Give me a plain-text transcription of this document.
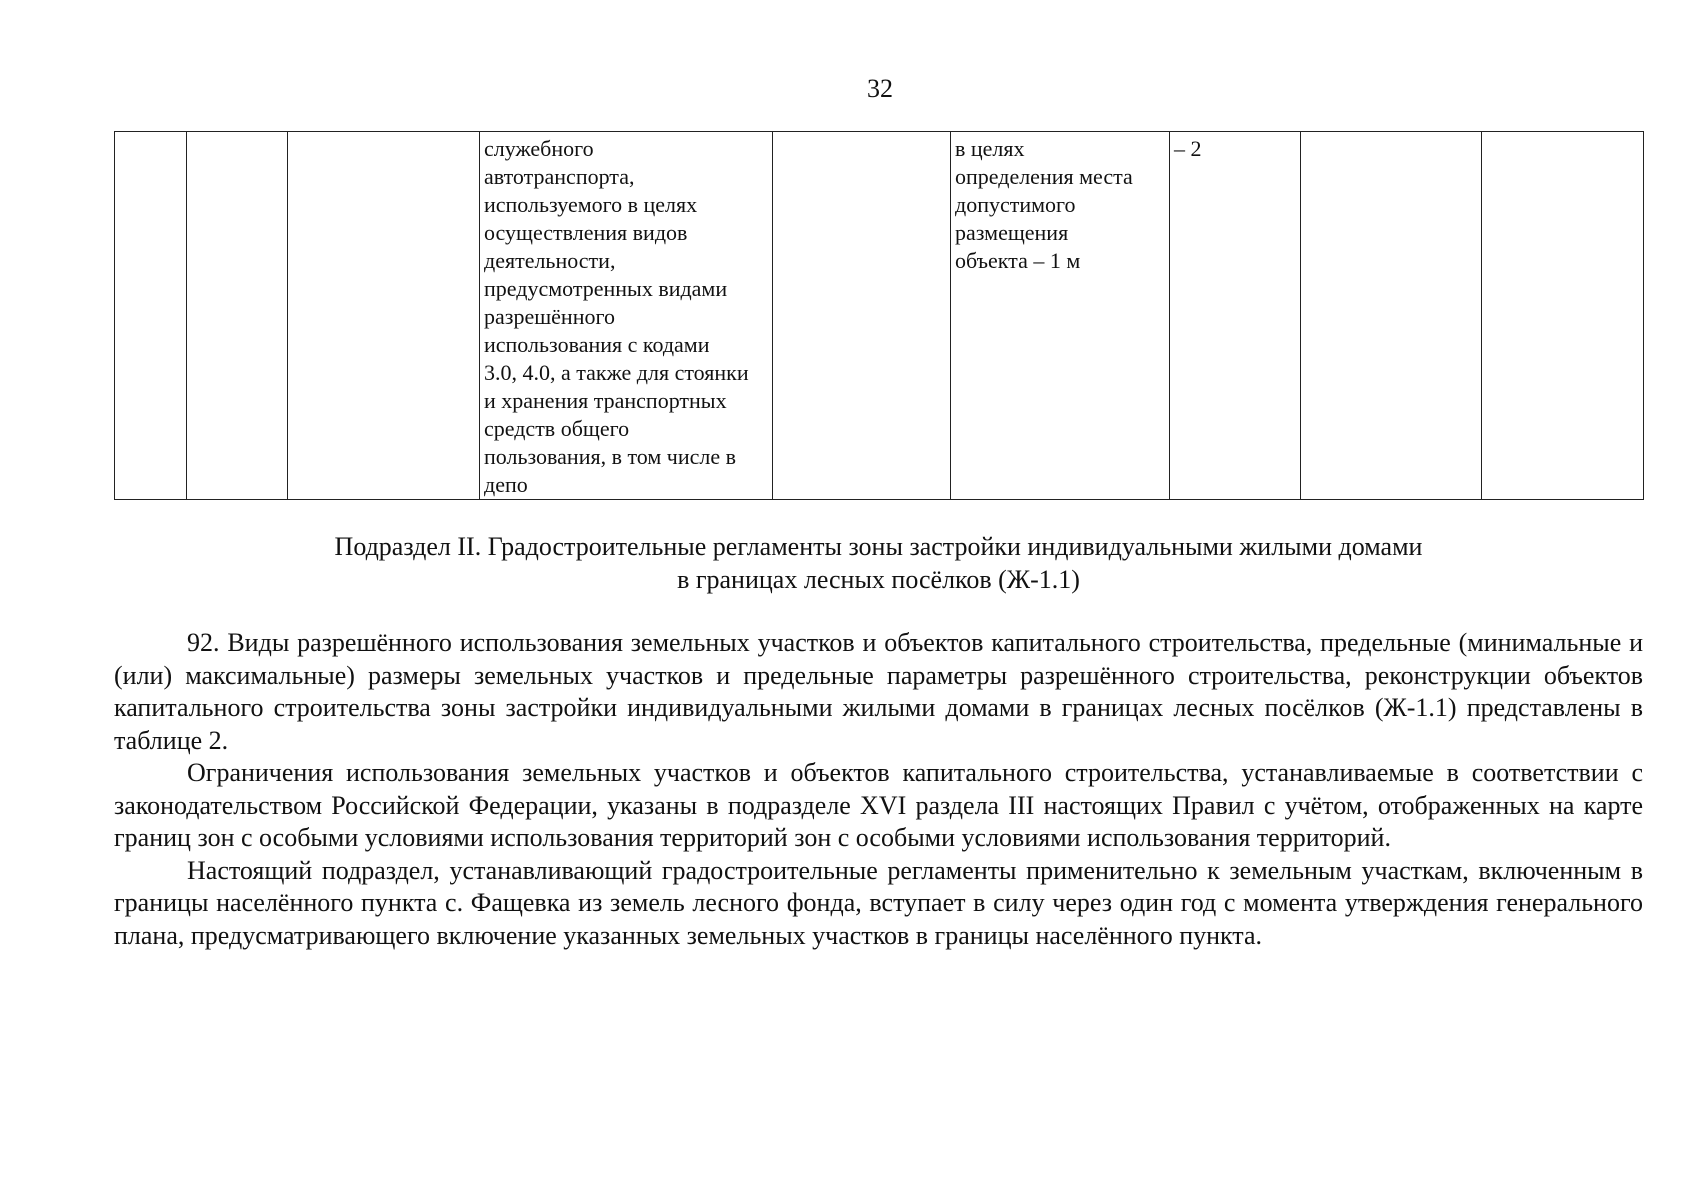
32
			служебного
автотранспорта,
используемого в целях
осуществления видов
деятельности,
предусмотренных видами
разрешённого
использования с кодами
3.0, 4.0, а также для стоянки
и хранения транспортных
средств общего
пользования, в том числе в
депо		в целях
определения места
допустимого
размещения
объекта – 1 м	– 2		
Подраздел II. Градостроительные регламенты зоны застройки индивидуальными жилыми домами
в границах лесных посёлков (Ж-1.1)

92. Виды разрешённого использования земельных участков и объектов капитального строительства, предельные (минимальные и (или) максимальные) размеры земельных участков и предельные параметры разрешённого строительства, реконструкции объектов капитального строительства зоны застройки индивидуальными жилыми домами в границах лесных посёлков (Ж-1.1) представлены в таблице 2.

Ограничения использования земельных участков и объектов капитального строительства, устанавливаемые в соответствии с законодательством Российской Федерации, указаны в подразделе XVI раздела III настоящих Правил с учётом, отображенных на карте границ зон с особыми условиями использования территорий зон с особыми условиями использования территорий.

Настоящий подраздел, устанавливающий градостроительные регламенты применительно к земельным участкам, включенным в границы населённого пункта с. Фащевка из земель лесного фонда, вступает в силу через один год с момента утверждения генерального плана, предусматривающего включение указанных земельных участков в границы населённого пункта.
